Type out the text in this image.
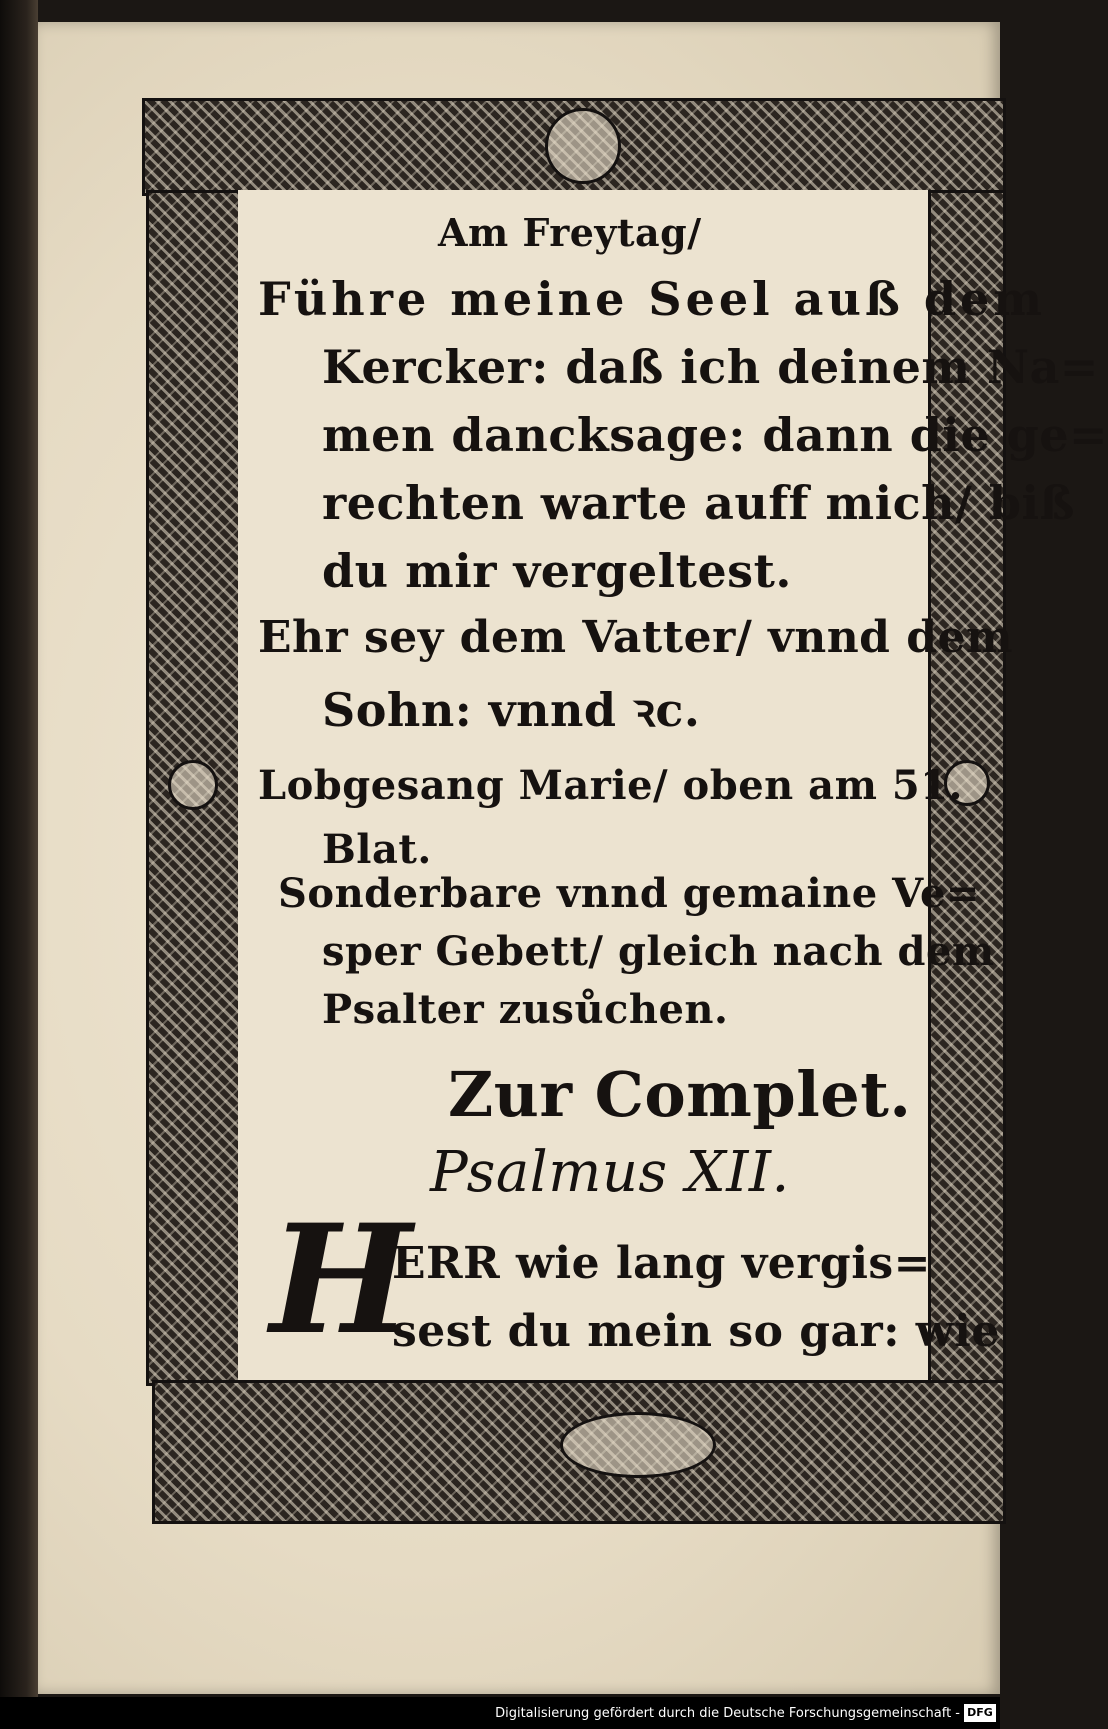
Am Freytag/
Führe meine Seel auß dem
Kercker: daß ich deinem Na=
men dancksage: dann die ge=
rechten warte auff mich/ biß
du mir vergeltest.
Ehr sey dem Vatter/ vnnd dem
Sohn: vnnd ꝛc.
Lobgesang Marie/ oben am 51.
Blat.
Sonderbare vnnd gemaine Ve=
sper Gebett/ gleich nach dem
Psalter zusůchen.
Zur Complet.
Psalmus XII.
H
ERR wie lang vergis=
sest du mein so gar: wie
Digitalisierung gefördert durch die Deutsche Forschungsgemeinschaft - DFG
